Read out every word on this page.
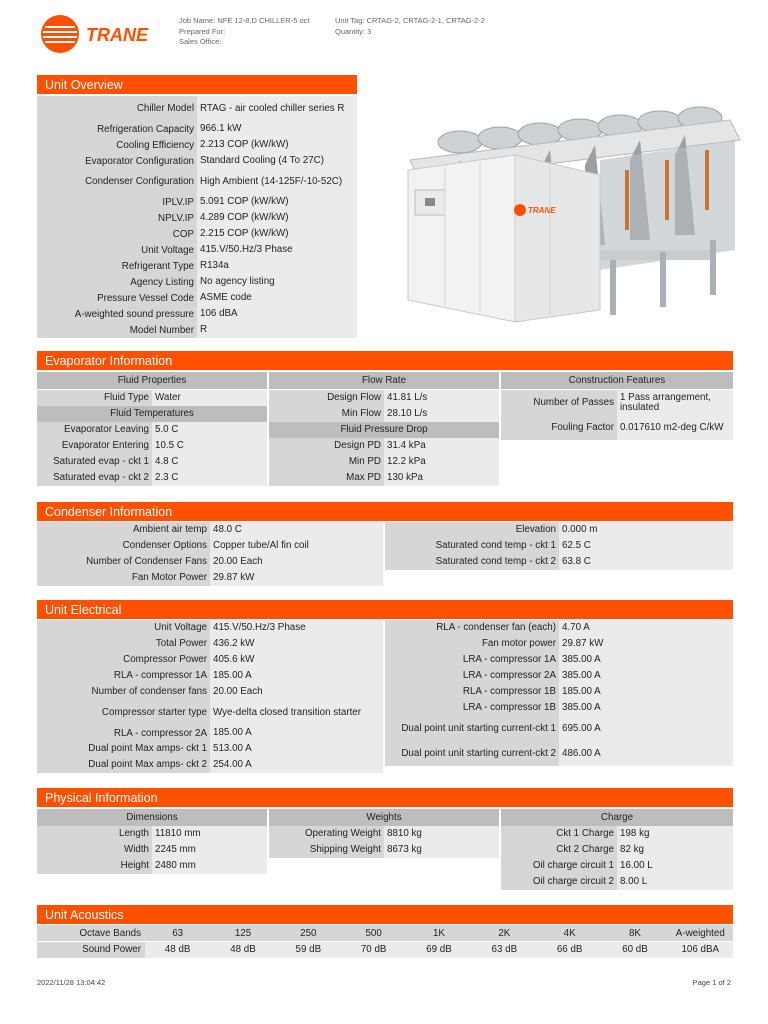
TRANE
Job Name: NFE 12-8,D CHILLER-5 oct
Prepared For:
Sales Office:
Unit Tag: CRTAG-2, CRTAG-2-1, CRTAG-2-2
Quantity: 3
Unit Overview
Chiller Model RTAG - air cooled chiller series R
Refrigeration Capacity 966.1 kW
Cooling Efficiency 2.213 COP (kW/kW)
Evaporator Configuration Standard Cooling (4 To 27C)
Condenser Configuration High Ambient (14-125F/-10-52C)
IPLV.IP 5.091 COP (kW/kW)
NPLV.IP 4.289 COP (kW/kW)
COP 2.215 COP (kW/kW)
Unit Voltage 415.V/50.Hz/3 Phase
Refrigerant Type R134a
Agency Listing No agency listing
Pressure Vessel Code ASME code
A-weighted sound pressure 106 dBA
Model Number R
TRANE
Evaporator Information
Fluid Properties	Flow Rate	Construction Features
Fluid Type Water
Fluid Temperatures
Evaporator Leaving 5.0 C
Evaporator Entering 10.5 C
Saturated evap - ckt 1 4.8 C
Saturated evap - ckt 2 2.3 C
Design Flow 41.81 L/s
Min Flow 28.10 L/s
Fluid Pressure Drop
Design PD 31.4 kPa
Min PD 12.2 kPa
Max PD 130 kPa
Number of Passes 1 Pass arrangement, insulated
Fouling Factor 0.017610 m2-deg C/kW
Condenser Information
Ambient air temp 48.0 C
Condenser Options Copper tube/Al fin coil
Number of Condenser Fans 20.00 Each
Fan Motor Power 29.87 kW
Elevation 0.000 m
Saturated cond temp - ckt 1 62.5 C
Saturated cond temp - ckt 2 63.8 C
Unit Electrical
Unit Voltage 415.V/50.Hz/3 Phase
Total Power 436.2 kW
Compressor Power 405.6 kW
RLA - compressor 1A 185.00 A
Number of condenser fans 20.00 Each
Compressor starter type Wye-delta closed transition starter
RLA - compressor 2A 185.00 A
Dual point Max amps- ckt 1 513.00 A
Dual point Max amps- ckt 2 254.00 A
RLA - condenser fan (each) 4.70 A
Fan motor power 29.87 kW
LRA - compressor 1A 385.00 A
LRA - compressor 2A 385.00 A
RLA - compressor 1B 185.00 A
LRA - compressor 1B 385.00 A
Dual point unit starting current-ckt 1 695.00 A
Dual point unit starting current-ckt 2 486.00 A
Physical Information
Dimensions	Weights	Charge
Length 11810 mm
Width 2245 mm
Height 2480 mm
Operating Weight 8810 kg
Shipping Weight 8673 kg
Ckt 1 Charge 198 kg
Ckt 2 Charge 82 kg
Oil charge circuit 1 16.00 L
Oil charge circuit 2 8.00 L
Unit Acoustics
Octave Bands	63	125	250	500	1K	2K	4K	8K	A-weighted
Sound Power	48 dB	48 dB	59 dB	70 dB	69 dB	63 dB	66 dB	60 dB	106 dBA
2022/11/28 13:04:42	Page 1 of 2
